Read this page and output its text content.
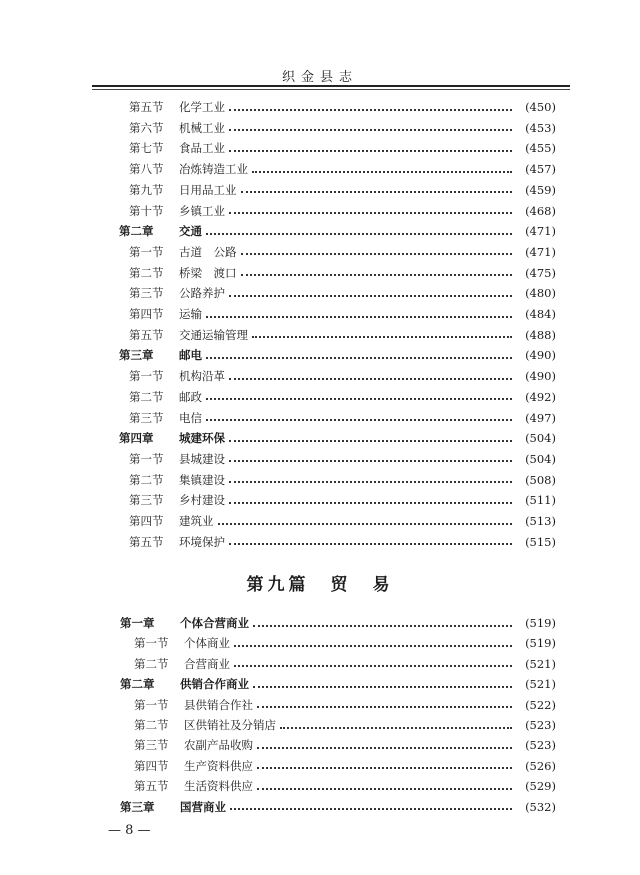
织金县志
第五节	化学工业	(450)
第六节	机械工业	(453)
第七节	食品工业	(455)
第八节	冶炼铸造工业	(457)
第九节	日用品工业	(459)
第十节	乡镇工业	(468)
第二章	交通	(471)
第一节	古道　公路	(471)
第二节	桥梁　渡口	(475)
第三节	公路养护	(480)
第四节	运输	(484)
第五节	交通运输管理	(488)
第三章	邮电	(490)
第一节	机构沿革	(490)
第二节	邮政	(492)
第三节	电信	(497)
第四章	城建环保	(504)
第一节	县城建设	(504)
第二节	集镇建设	(508)
第三节	乡村建设	(511)
第四节	建筑业	(513)
第五节	环境保护	(515)
第九篇　贸　易
第一章	个体合营商业	(519)
第一节	个体商业	(519)
第二节	合营商业	(521)
第二章	供销合作商业	(521)
第一节	县供销合作社	(522)
第二节	区供销社及分销店	(523)
第三节	农副产品收购	(523)
第四节	生产资料供应	(526)
第五节	生活资料供应	(529)
第三章	国营商业	(532)
— 8 —
